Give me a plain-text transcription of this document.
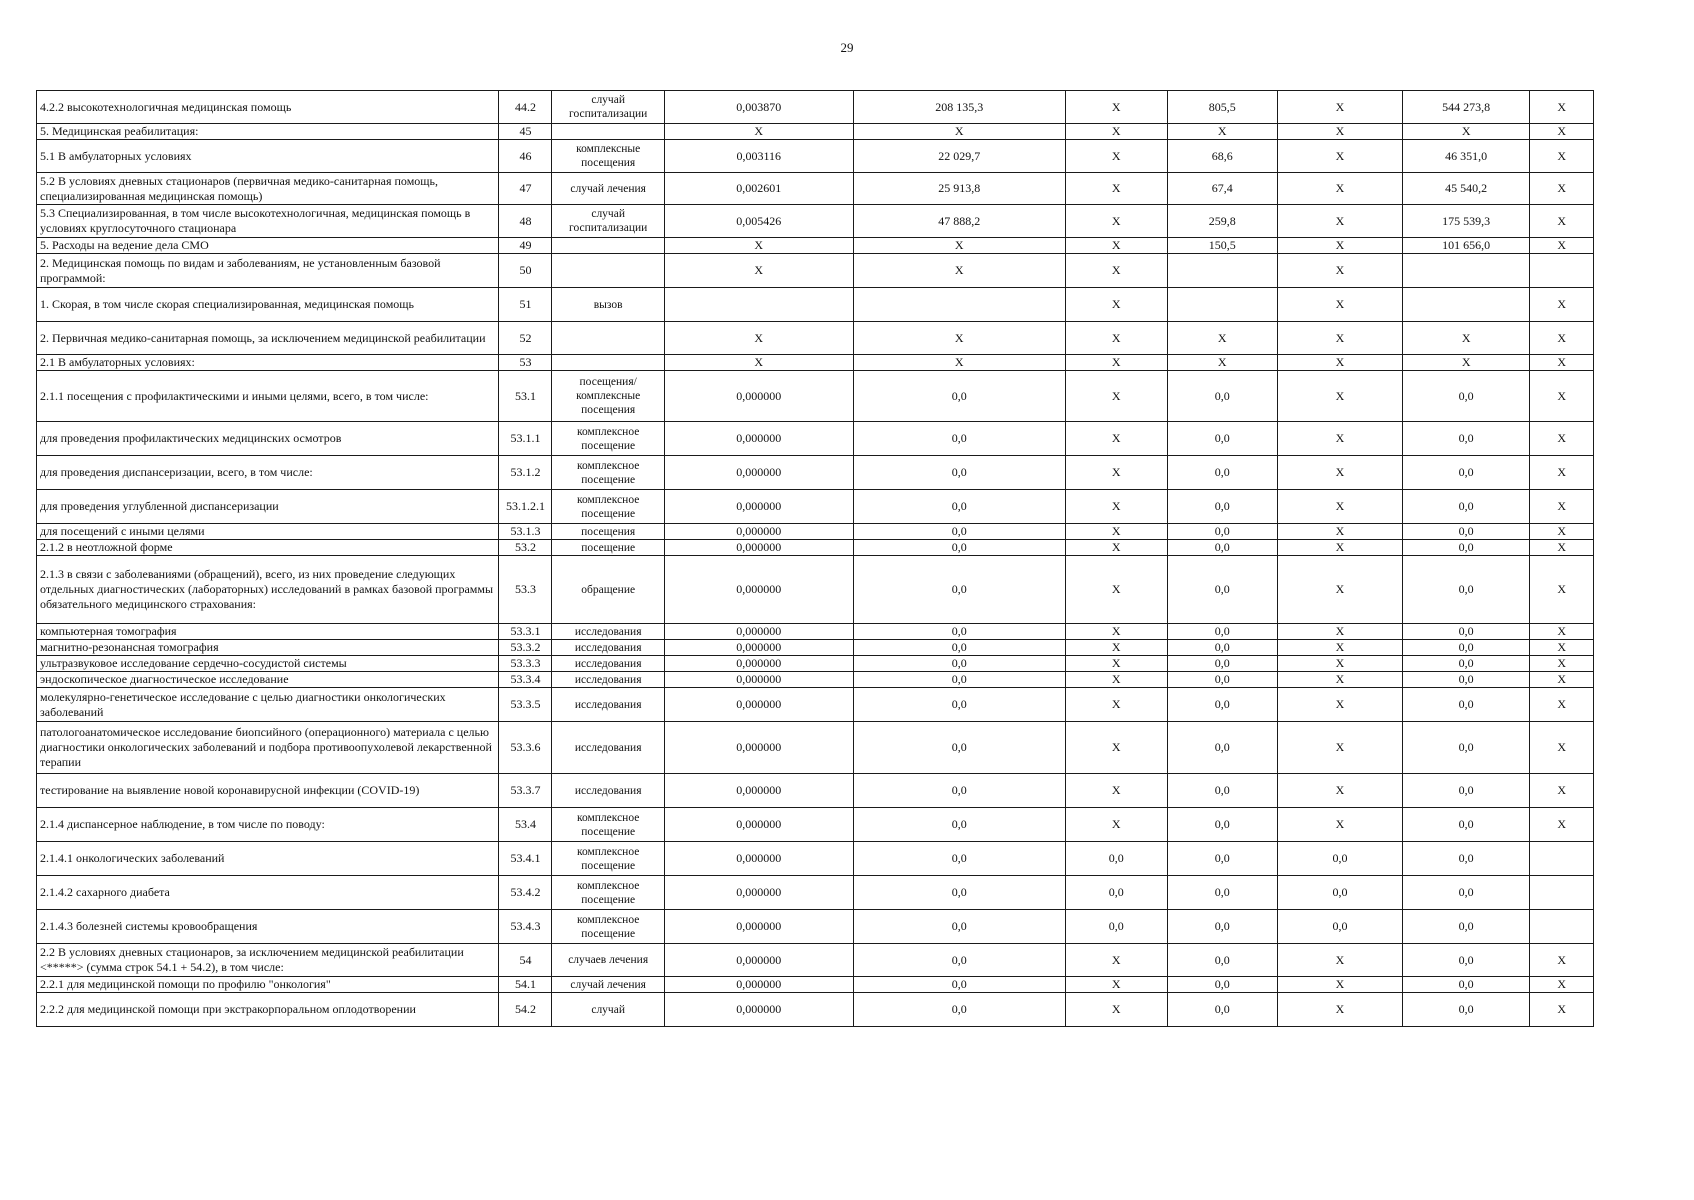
29
4.2.2 высокотехнологичная медицинская помощь	44.2	случай госпитализации	0,003870	208 135,3	X	805,5	X	544 273,8	X
5. Медицинская реабилитация:	45		X	X	X	X	X	X	X
5.1 В амбулаторных условиях	46	комплексные посещения	0,003116	22 029,7	X	68,6	X	46 351,0	X
5.2 В условиях дневных стационаров (первичная медико-санитарная помощь, специализированная медицинская помощь)	47	случай лечения	0,002601	25 913,8	X	67,4	X	45 540,2	X
5.3 Специализированная, в том числе высокотехнологичная, медицинская помощь в условиях круглосуточного стационара	48	случай госпитализации	0,005426	47 888,2	X	259,8	X	175 539,3	X
5. Расходы на ведение дела СМО	49		X	X	X	150,5	X	101 656,0	X
2. Медицинская помощь по видам и заболеваниям, не установленным базовой программой:	50		X	X	X		X		
1. Скорая, в том числе скорая специализированная, медицинская помощь	51	вызов			X		X		X
2. Первичная медико-санитарная помощь, за исключением медицинской реабилитации	52		X	X	X	X	X	X	X
2.1 В амбулаторных условиях:	53		X	X	X	X	X	X	X
2.1.1 посещения с профилактическими и иными целями, всего, в том числе:	53.1	посещения/комплексные посещения	0,000000	0,0	X	0,0	X	0,0	X
для проведения профилактических медицинских осмотров	53.1.1	комплексное посещение	0,000000	0,0	X	0,0	X	0,0	X
для проведения диспансеризации, всего, в том числе:	53.1.2	комплексное посещение	0,000000	0,0	X	0,0	X	0,0	X
для проведения углубленной диспансеризации	53.1.2.1	комплексное посещение	0,000000	0,0	X	0,0	X	0,0	X
для посещений с иными целями	53.1.3	посещения	0,000000	0,0	X	0,0	X	0,0	X
2.1.2 в неотложной форме	53.2	посещение	0,000000	0,0	X	0,0	X	0,0	X
2.1.3 в связи с заболеваниями (обращений), всего, из них проведение следующих отдельных диагностических (лабораторных) исследований в рамках базовой программы обязательного медицинского страхования:	53.3	обращение	0,000000	0,0	X	0,0	X	0,0	X
компьютерная томография	53.3.1	исследования	0,000000	0,0	X	0,0	X	0,0	X
магнитно-резонансная томография	53.3.2	исследования	0,000000	0,0	X	0,0	X	0,0	X
ультразвуковое исследование сердечно-сосудистой системы	53.3.3	исследования	0,000000	0,0	X	0,0	X	0,0	X
эндоскопическое диагностическое исследование	53.3.4	исследования	0,000000	0,0	X	0,0	X	0,0	X
молекулярно-генетическое исследование с целью диагностики онкологических заболеваний	53.3.5	исследования	0,000000	0,0	X	0,0	X	0,0	X
патологоанатомическое исследование биопсийного (операционного) материала с целью диагностики онкологических заболеваний и подбора противоопухолевой лекарственной терапии	53.3.6	исследования	0,000000	0,0	X	0,0	X	0,0	X
тестирование на выявление новой коронавирусной инфекции (COVID-19)	53.3.7	исследования	0,000000	0,0	X	0,0	X	0,0	X
2.1.4 диспансерное наблюдение, в том числе по поводу:	53.4	комплексное посещение	0,000000	0,0	X	0,0	X	0,0	X
2.1.4.1 онкологических заболеваний	53.4.1	комплексное посещение	0,000000	0,0	0,0	0,0	0,0	0,0	
2.1.4.2 сахарного диабета	53.4.2	комплексное посещение	0,000000	0,0	0,0	0,0	0,0	0,0	
2.1.4.3 болезней системы кровообращения	53.4.3	комплексное посещение	0,000000	0,0	0,0	0,0	0,0	0,0	
2.2 В условиях дневных стационаров, за исключением медицинской реабилитации <*****> (сумма строк 54.1 + 54.2), в том числе:	54	случаев лечения	0,000000	0,0	X	0,0	X	0,0	X
2.2.1 для медицинской помощи по профилю "онкология"	54.1	случай лечения	0,000000	0,0	X	0,0	X	0,0	X
2.2.2 для медицинской помощи при экстракорпоральном оплодотворении	54.2	случай	0,000000	0,0	X	0,0	X	0,0	X
